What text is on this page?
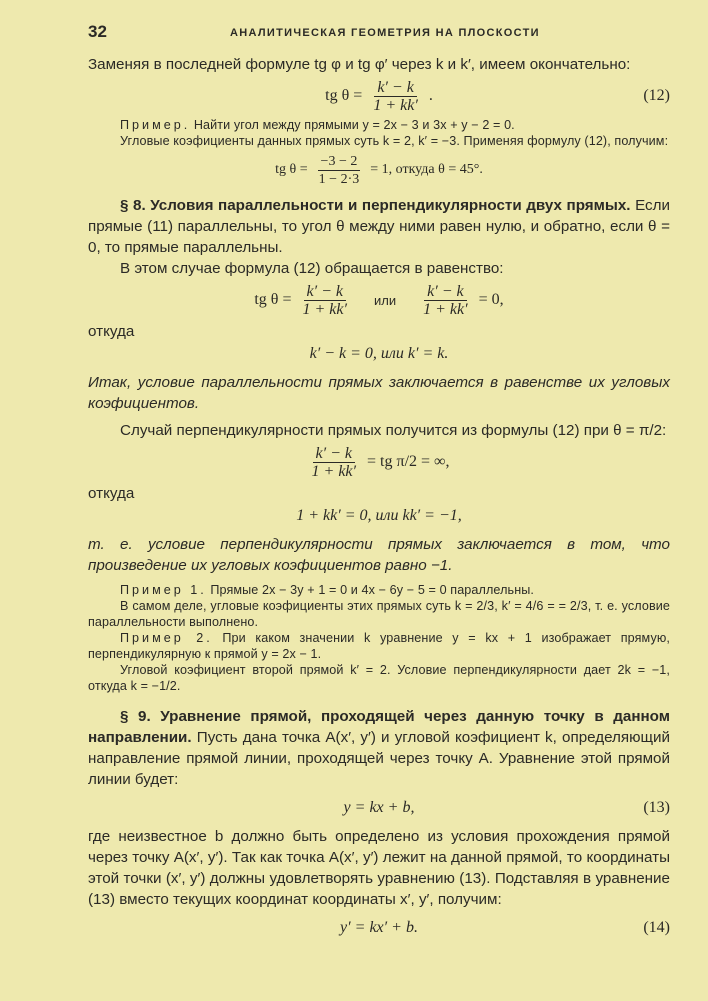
32	АНАЛИТИЧЕСКАЯ ГЕОМЕТРИЯ НА ПЛОСКОСТИ
Заменяя в последней формуле tg φ и tg φ′ через k и k′, имеем окончательно:
tg $\theta = \frac{k' - k}{1 + kk'}$ .	(12)
Пример. Найти угол между прямыми y = 2x − 3 и 3x + y − 2 = 0.
Угловые коэфициенты данных прямых суть k = 2, k′ = −3. Применяя формулу (12), получим:
tg $\theta = \frac{-3 - 2}{1 - 2\cdot 3} = 1$, откуда θ = 45°.
§ 8. Условия параллельности и перпендикулярности двух прямых. Если прямые (11) параллельны, то угол θ между ними равен нулю, и обратно, если θ = 0, то прямые параллельны.
В этом случае формула (12) обращается в равенство:
tg $\theta = \frac{k' - k}{1 + kk'}$ или $\frac{k' - k}{1 + kk'} = 0$,
откуда
k′ − k = 0, или k′ = k.
Итак, условие параллельности прямых заключается в равенстве их угловых коэфициентов.
Случай перпендикулярности прямых получится из формулы (12) при θ = π/2:
$\frac{k' - k}{1 + kk'}$ = tg π/2 = ∞,
откуда
1 + kk′ = 0, или kk′ = −1,
т. е. условие перпендикулярности прямых заключается в том, что произведение их угловых коэфициентов равно −1.
Пример 1. Прямые 2x − 3y + 1 = 0 и 4x − 6y − 5 = 0 параллельны.
В самом деле, угловые коэфициенты этих прямых суть k = 2/3, k′ = 4/6 = = 2/3, т. е. условие параллельности выполнено.
Пример 2. При каком значении k уравнение y = kx + 1 изображает прямую, перпендикулярную к прямой y = 2x − 1.
Угловой коэфициент второй прямой k′ = 2. Условие перпендикулярности дает 2k = −1, откуда k = −1/2.
§ 9. Уравнение прямой, проходящей через данную точку в данном направлении. Пусть дана точка A(x′, y′) и угловой коэфициент k, определяющий направление прямой линии, проходящей через точку A. Уравнение этой прямой линии будет:
y = kx + b,	(13)
где неизвестное b должно быть определено из условия прохождения прямой через точку A(x′, y′). Так как точка A(x′, y′) лежит на данной прямой, то координаты этой точки (x′, y′) должны удовлетворять уравнению (13). Подставляя в уравнение (13) вместо текущих координат координаты x′, y′, получим:
y′ = kx′ + b.	(14)
